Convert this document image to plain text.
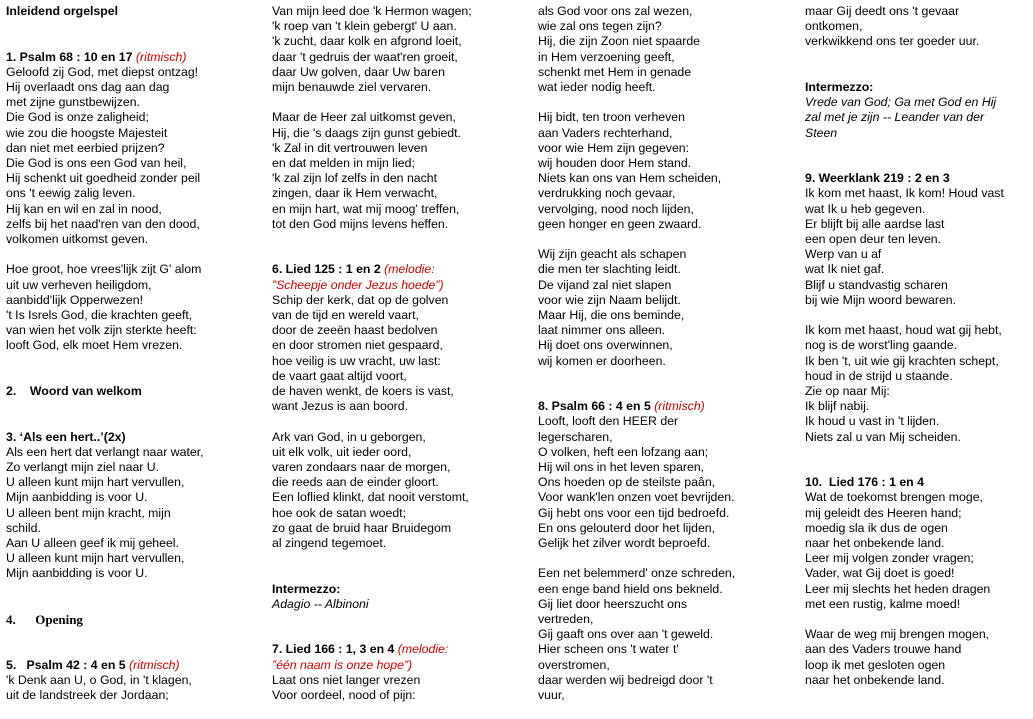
Inleidend orgelspel
1. Psalm 68 : 10 en 17 (ritmisch)
Geloofd zij God, met diepst ontzag!
Hij overlaadt ons dag aan dag
met zijne gunstbewijzen.
Die God is onze zaligheid;
wie zou die hoogste Majesteit
dan niet met eerbied prijzen?
Die God is ons een God van heil,
Hij schenkt uit goedheid zonder peil
ons 't eewig zalig leven.
Hij kan en wil en zal in nood,
zelfs bij het naad'ren van den dood,
volkomen uitkomst geven.
Hoe groot, hoe vrees'lijk zijt G' alom
uit uw verheven heiligdom,
aanbidd'lijk Opperwezen!
't Is Isrels God, die krachten geeft,
van wien het volk zijn sterkte heeft:
looft God, elk moet Hem vrezen.
2.    Woord van welkom
3. ‘Als een hert..’(2x)
Als een hert dat verlangt naar water,
Zo verlangt mijn ziel naar U.
U alleen kunt mijn hart vervullen,
Mijn aanbidding is voor U.
U alleen bent mijn kracht, mijn
schild.
Aan U alleen geef ik mij geheel.
U alleen kunt mijn hart vervullen,
Mijn aanbidding is voor U.
4.      Opening
5.   Psalm 42 : 4 en 5 (ritmisch)
'k Denk aan U, o God, in 't klagen,
uit de landstreek der Jordaan;
Van mijn leed doe 'k Hermon wagen;
'k roep van 't klein gebergt' U aan.
'k zucht, daar kolk en afgrond loeit,
daar 't gedruis der waat'ren groeit,
daar Uw golven, daar Uw baren
mijn benauwde ziel vervaren.
Maar de Heer zal uitkomst geven,
Hij, die 's daags zijn gunst gebiedt.
'k Zal in dit vertrouwen leven
en dat melden in mijn lied;
'k zal zijn lof zelfs in den nacht
zingen, daar ik Hem verwacht,
en mijn hart, wat mij moog' treffen,
tot den God mijns levens heffen.
6. Lied 125 : 1 en 2 (melodie:
”Scheepje onder Jezus hoede”)
Schip der kerk, dat op de golven
van de tijd en wereld vaart,
door de zeeën haast bedolven
en door stromen niet gespaard,
hoe veilig is uw vracht, uw last:
de vaart gaat altijd voort,
de haven wenkt, de koers is vast,
want Jezus is aan boord.
Ark van God, in u geborgen,
uit elk volk, uit ieder oord,
varen zondaars naar de morgen,
die reeds aan de einder gloort.
Een loflied klinkt, dat nooit verstomt,
hoe ook de satan woedt;
zo gaat de bruid haar Bruidegom
al zingend tegemoet.
Intermezzo:
Adagio -- Albinoni
7. Lied 166 : 1, 3 en 4 (melodie:
”één naam is onze hope”)
Laat ons niet langer vrezen
Voor oordeel, nood of pijn:
als God voor ons zal wezen,
wie zal ons tegen zijn?
Hij, die zijn Zoon niet spaarde
in Hem verzoening geeft,
schenkt met Hem in genade
wat ieder nodig heeft.
Hij bidt, ten troon verheven
aan Vaders rechterhand,
voor wie Hem zijn gegeven:
wij houden door Hem stand.
Niets kan ons van Hem scheiden,
verdrukking noch gevaar,
vervolging, nood noch lijden,
geen honger en geen zwaard.
Wij zijn geacht als schapen
die men ter slachting leidt.
De vijand zal niet slapen
voor wie zijn Naam belijdt.
Maar Hij, die ons beminde,
laat nimmer ons alleen.
Hij doet ons overwinnen,
wij komen er doorheen.
8. Psalm 66 : 4 en 5 (ritmisch)
Looft, looft den HEER der
legerscharen,
O volken, heft een lofzang aan;
Hij wil ons in het leven sparen,
Ons hoeden op de steilste paân,
Voor wank'len onzen voet bevrijden.
Gij hebt ons voor een tijd bedroefd.
En ons gelouterd door het lijden,
Gelijk het zilver wordt beproefd.
Een net belemmerd' onze schreden,
een enge band hield ons bekneld.
Gij liet door heerszucht ons
vertreden,
Gij gaaft ons over aan 't geweld.
Hier scheen ons 't water t'
overstromen,
daar werden wij bedreigd door 't
vuur,
maar Gij deedt ons 't gevaar
ontkomen,
verkwikkend ons ter goeder uur.
Intermezzo:
Vrede van God; Ga met God en Hij
zal met je zijn -- Leander van der
Steen
9. Weerklank 219 : 2 en 3
Ik kom met haast, Ik kom! Houd vast
wat Ik u heb gegeven.
Er blijft bij alle aardse last
een open deur ten leven.
Werp van u af
wat Ik niet gaf.
Blijf u standvastig scharen
bij wie Mijn woord bewaren.
Ik kom met haast, houd wat gij hebt,
nog is de worst'ling gaande.
Ik ben 't, uit wie gij krachten schept,
houd in de strijd u staande.
Zie op naar Mij:
Ik blijf nabij.
Ik houd u vast in 't lijden.
Niets zal u van Mij scheiden.
10.  Lied 176 : 1 en 4
Wat de toekomst brengen moge,
mij geleidt des Heeren hand;
moedig sla ik dus de ogen
naar het onbekende land.
Leer mij volgen zonder vragen;
Vader, wat Gij doet is goed!
Leer mij slechts het heden dragen
met een rustig, kalme moed!
Waar de weg mij brengen mogen,
aan des Vaders trouwe hand
loop ik met gesloten ogen
naar het onbekende land.
